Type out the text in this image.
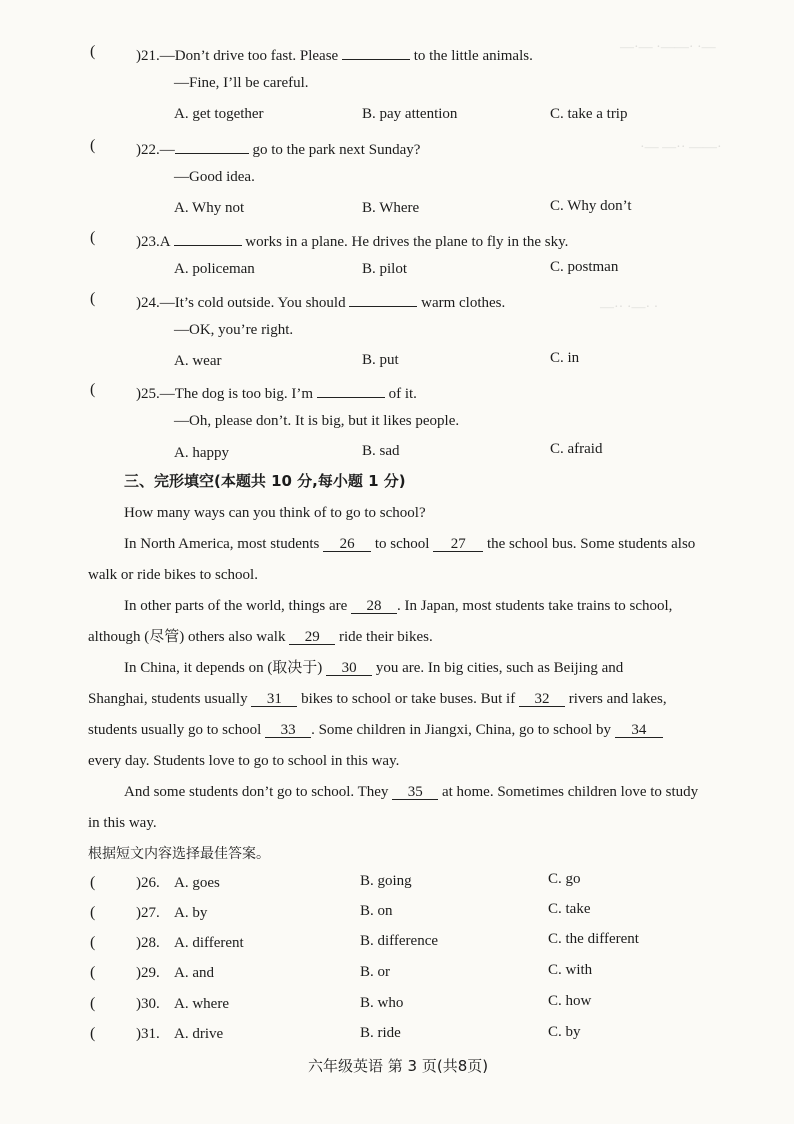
—·— ·——· ·—
·— —·· ——·
—·· ·—· ·
(	)21.—Don’t drive too fast. Please	to the little animals.
—Fine, I’ll be careful.
A. get together	B. pay attention	C. take a trip
(	)22.—	go to the park next Sunday?
—Good idea.
A. Why not	B. Where	C. Why don’t
(	)23.A	works in a plane. He drives the plane to fly in the sky.
A. policeman	B. pilot	C. postman
(	)24.—It’s cold outside. You should	warm clothes.
—OK, you’re right.
A. wear	B. put	C. in
(	)25.—The dog is too big. I’m	of it.
—Oh, please don’t. It is big, but it likes people.
A. happy	B. sad	C. afraid
三、完形填空(本题共 10 分,每小题 1 分)
How many ways can you think of to go to school?
In North America, most students 26 to school 27 the school bus. Some students also
walk or ride bikes to school.
In other parts of the world, things are 28 . In Japan, most students take trains to school,
although (尽管) others also walk 29 ride their bikes.
In China, it depends on (取决于) 30 you are. In big cities, such as Beijing and
Shanghai, students usually 31 bikes to school or take buses. But if 32 rivers and lakes,
students usually go to school 33 . Some children in Jiangxi, China, go to school by 34
every day. Students love to go to school in this way.
And some students don’t go to school. They 35 at home. Sometimes children love to study
in this way.
根据短文内容选择最佳答案。
(	)26. A. goes	B. going	C. go
(	)27. A. by	B. on	C. take
(	)28. A. different	B. difference	C. the different
(	)29. A. and	B. or	C. with
(	)30. A. where	B. who	C. how
(	)31. A. drive	B. ride	C. by
六年级英语 第 3 页(共8页)
